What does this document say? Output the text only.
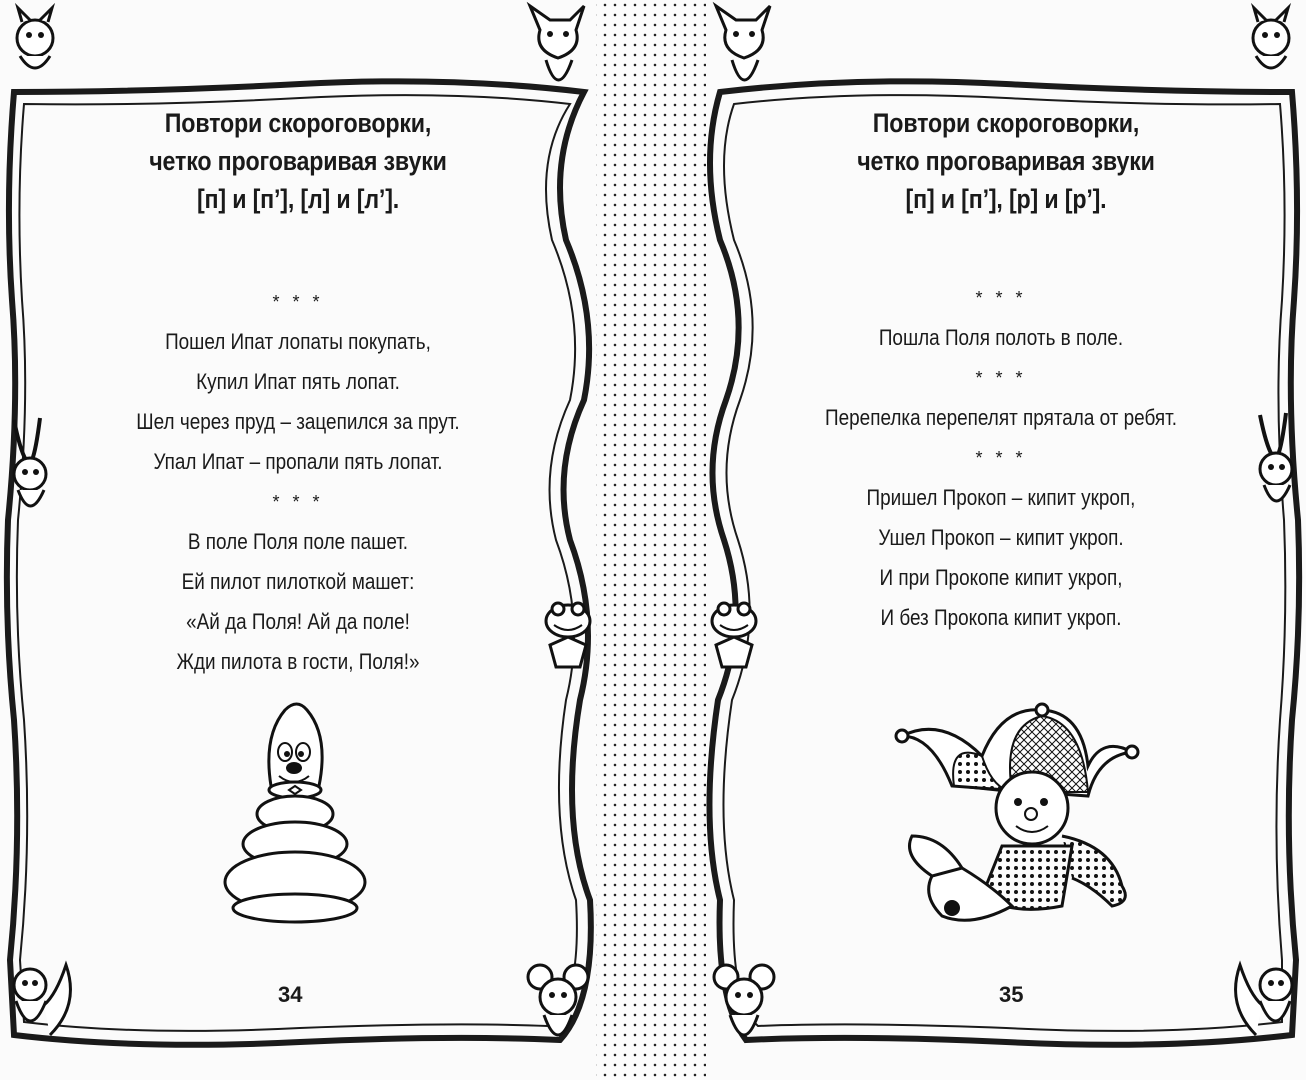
Повтори скороговорки,
четко проговаривая звуки
[п] и [п’], [л] и [л’].
* * *
Пошел Ипат лопаты покупать,
Купил Ипат пять лопат.
Шел через пруд – зацепился за прут.
Упал Ипат – пропали пять лопат.
* * *
В поле Поля поле пашет.
Ей пилот пилоткой машет:
«Ай да Поля! Ай да поле!
Жди пилота в гости, Поля!»
34
Повтори скороговорки,
четко проговаривая звуки
[п] и [п’], [р] и [р’].
* * *
Пошла Поля полоть в поле.
* * *
Перепелка перепелят прятала от ребят.
* * *
Пришел Прокоп – кипит укроп,
Ушел Прокоп – кипит укроп.
И при Прокопе кипит укроп,
И без Прокопа кипит укроп.
35
